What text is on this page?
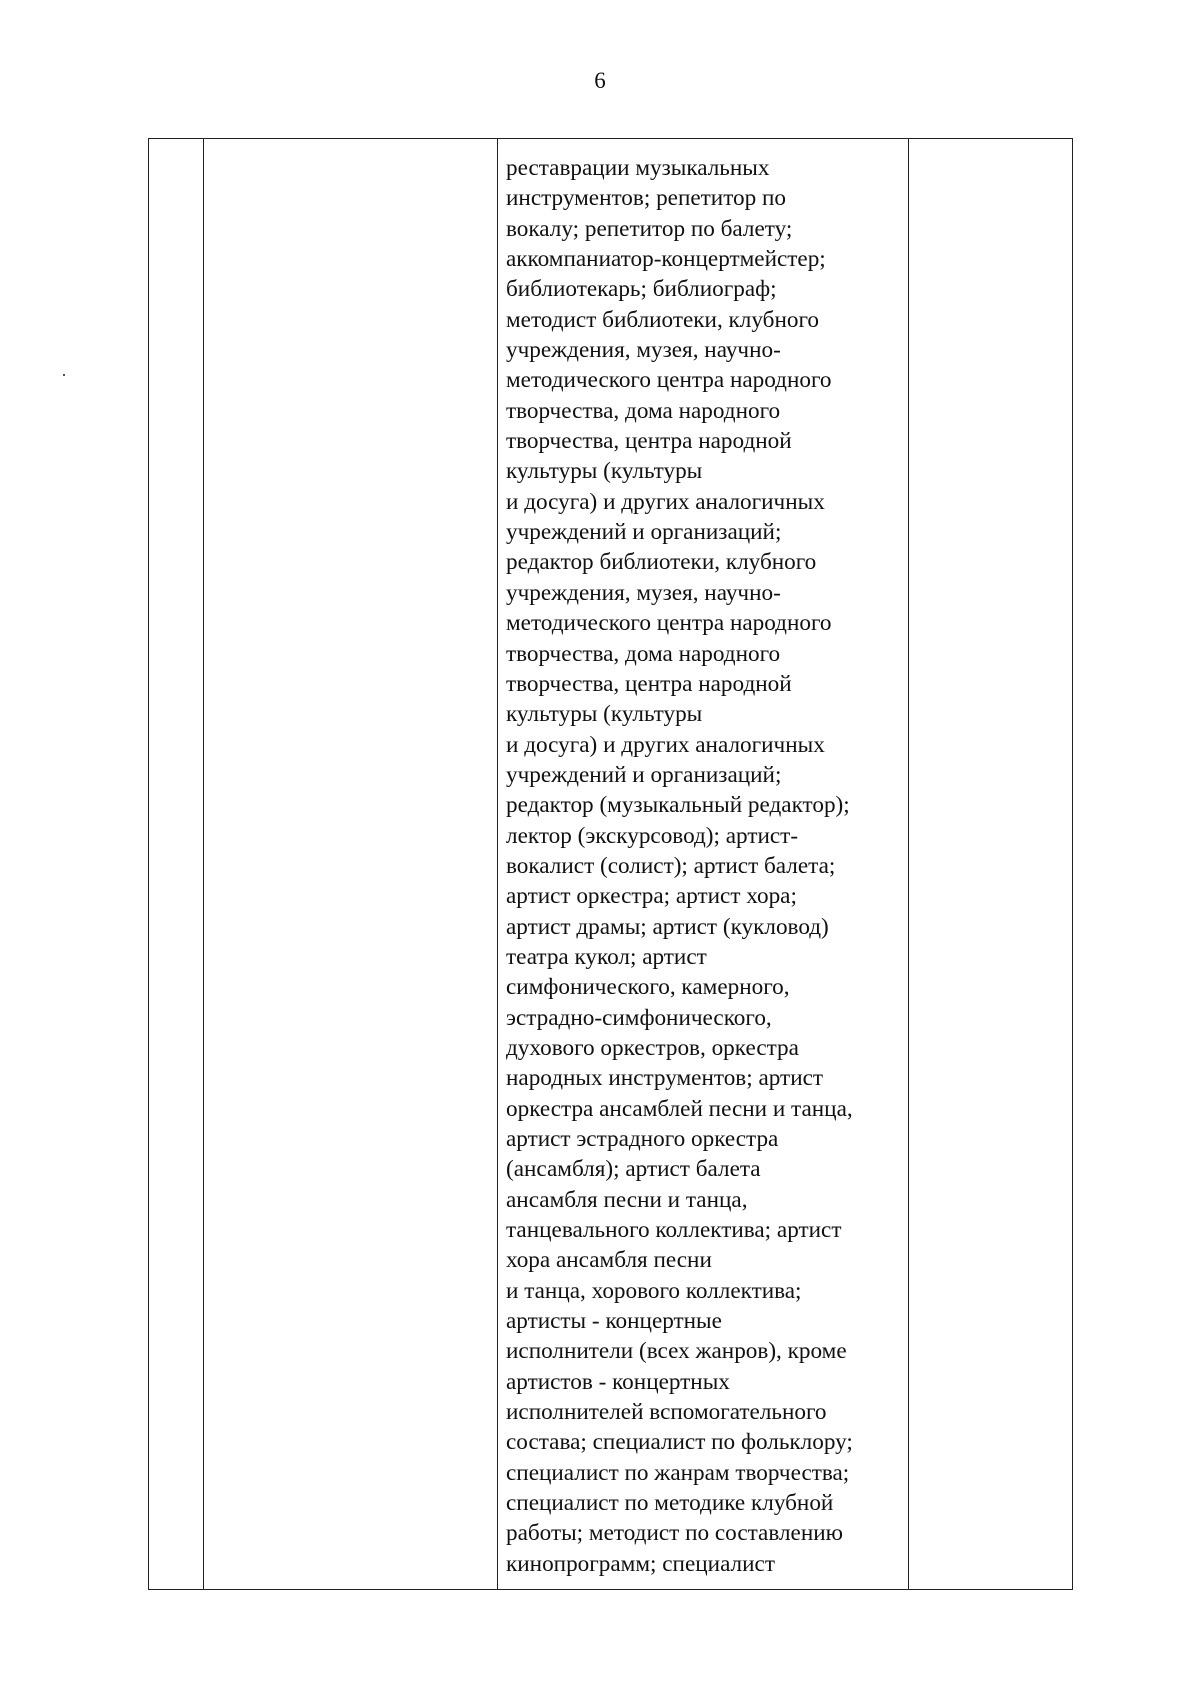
6

реставрации музыкальных
инструментов; репетитор по
вокалу; репетитор по балету;
аккомпаниатор-концертмейстер;
библиотекарь; библиограф;
методист библиотеки, клубного
учреждения, музея, научно-
методического центра народного
творчества, дома народного
творчества, центра народной
культуры (культуры
и досуга) и других аналогичных
учреждений и организаций;
редактор библиотеки, клубного
учреждения, музея, научно-
методического центра народного
творчества, дома народного
творчества, центра народной
культуры (культуры
и досуга) и других аналогичных
учреждений и организаций;
редактор (музыкальный редактор);
лектор (экскурсовод); артист-
вокалист (солист); артист балета;
артист оркестра; артист хора;
артист драмы; артист (кукловод)
театра кукол; артист
симфонического, камерного,
эстрадно-симфонического,
духового оркестров, оркестра
народных инструментов; артист
оркестра ансамблей песни и танца,
артист эстрадного оркестра
(ансамбля); артист балета
ансамбля песни и танца,
танцевального коллектива; артист
хора ансамбля песни
и танца, хорового коллектива;
артисты - концертные
исполнители (всех жанров), кроме
артистов - концертных
исполнителей вспомогательного
состава; специалист по фольклору;
специалист по жанрам творчества;
специалист по методике клубной
работы; методист по составлению
кинопрограмм; специалист
